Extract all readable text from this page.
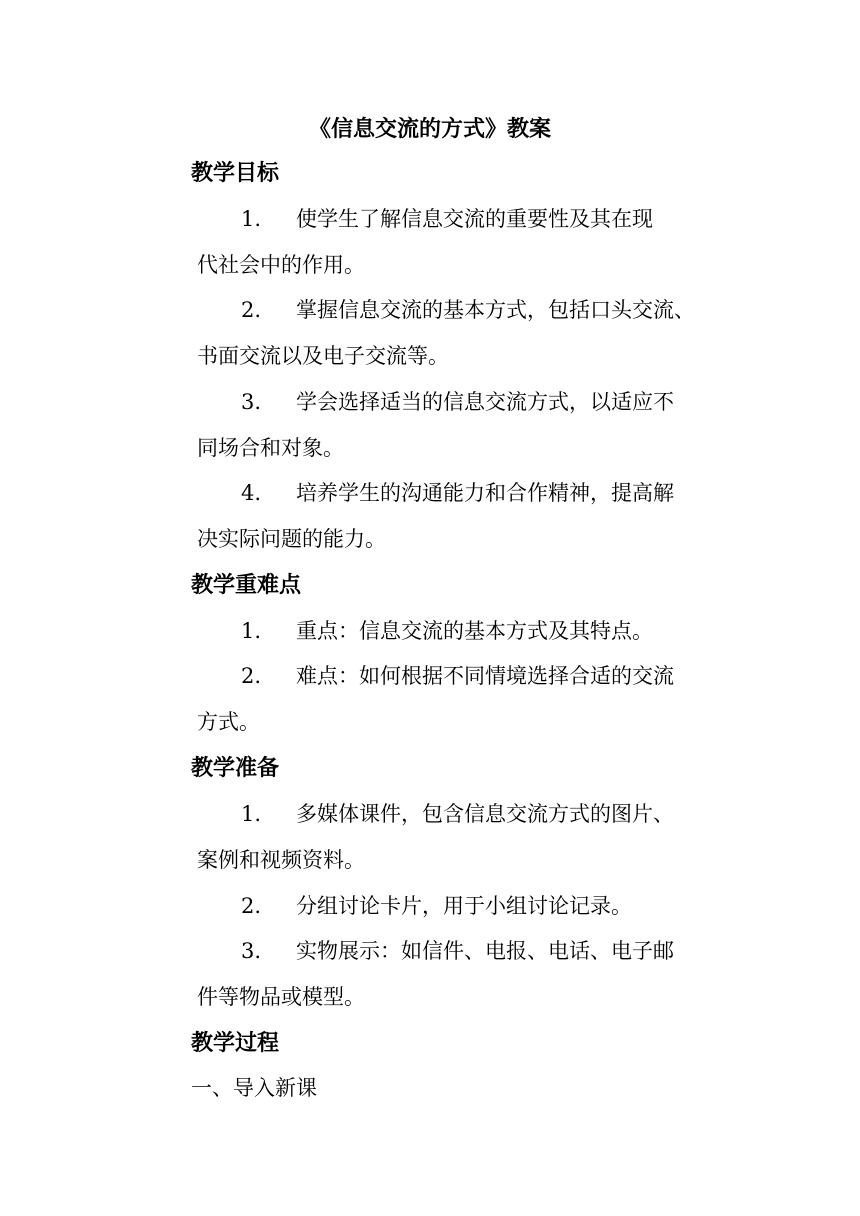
《信息交流的方式》教案
教学目标
1. 使学生了解信息交流的重要性及其在现
代社会中的作用。
2. 掌握信息交流的基本方式，包括口头交流、
书面交流以及电子交流等。
3. 学会选择适当的信息交流方式，以适应不
同场合和对象。
4. 培养学生的沟通能力和合作精神，提高解
决实际问题的能力。
教学重难点
1. 重点：信息交流的基本方式及其特点。
2. 难点：如何根据不同情境选择合适的交流
方式。
教学准备
1. 多媒体课件，包含信息交流方式的图片、
案例和视频资料。
2. 分组讨论卡片，用于小组讨论记录。
3. 实物展示：如信件、电报、电话、电子邮
件等物品或模型。
教学过程
一、导入新课
